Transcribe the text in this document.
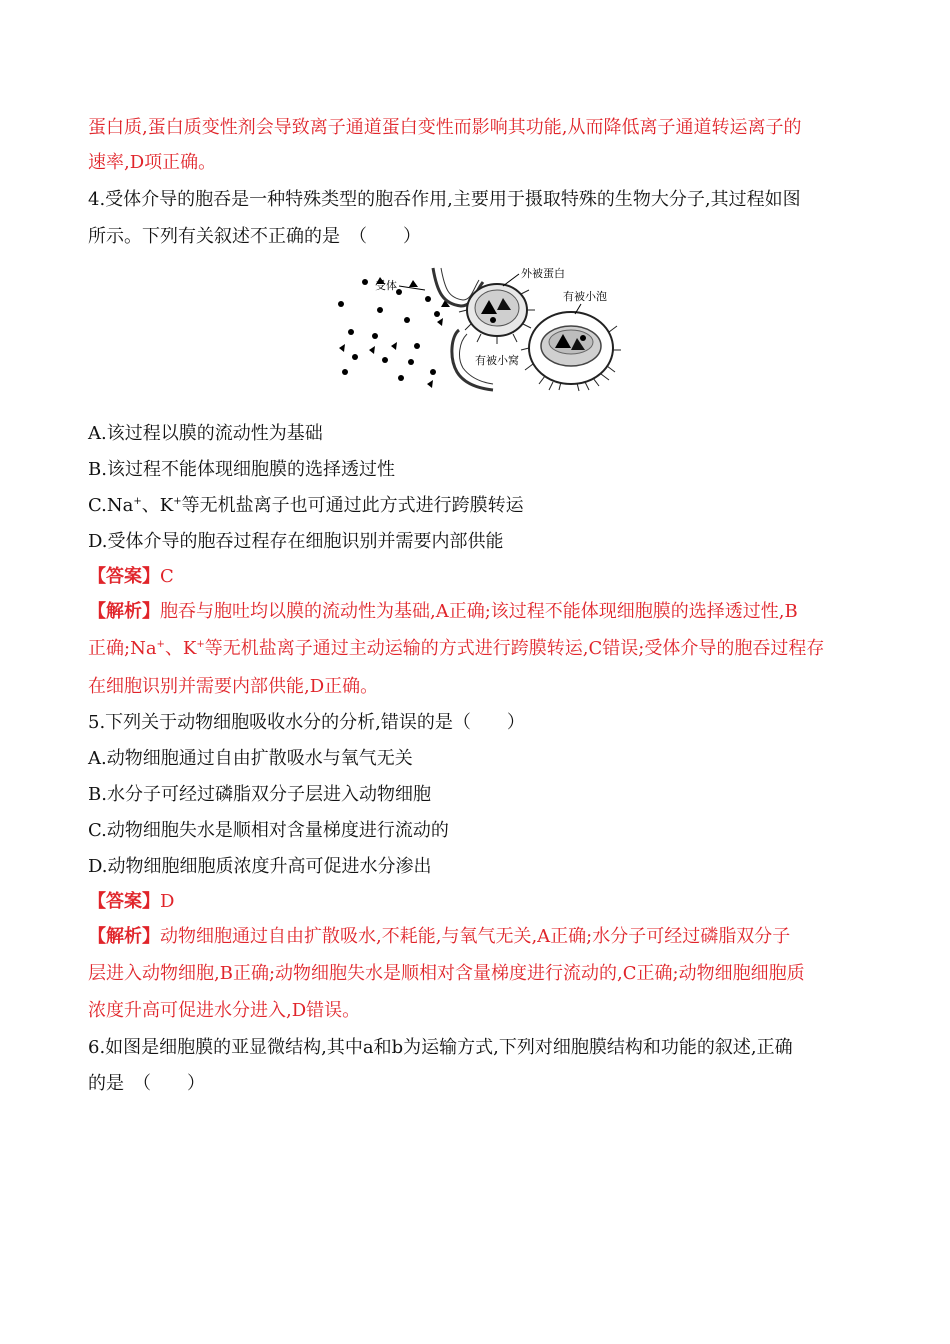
蛋白质,蛋白质变性剂会导致离子通道蛋白变性而影响其功能,从而降低离子通道转运离子的
速率,D项正确。
4.受体介导的胞吞是一种特殊类型的胞吞作用,主要用于摄取特殊的生物大分子,其过程如图
所示。下列有关叙述不正确的是　（　　）
受体
外被蛋白
有被小泡
有被小窝
A.该过程以膜的流动性为基础
B.该过程不能体现细胞膜的选择透过性
C.Na+、K+等无机盐离子也可通过此方式进行跨膜转运
D.受体介导的胞吞过程存在细胞识别并需要内部供能
【答案】C
【解析】胞吞与胞吐均以膜的流动性为基础,A正确;该过程不能体现细胞膜的选择透过性,B
正确;Na+、K+等无机盐离子通过主动运输的方式进行跨膜转运,C错误;受体介导的胞吞过程存
在细胞识别并需要内部供能,D正确。
5.下列关于动物细胞吸收水分的分析,错误的是（　　）
A.动物细胞通过自由扩散吸水与氧气无关
B.水分子可经过磷脂双分子层进入动物细胞
C.动物细胞失水是顺相对含量梯度进行流动的
D.动物细胞细胞质浓度升高可促进水分渗出
【答案】D
【解析】动物细胞通过自由扩散吸水,不耗能,与氧气无关,A正确;水分子可经过磷脂双分子
层进入动物细胞,B正确;动物细胞失水是顺相对含量梯度进行流动的,C正确;动物细胞细胞质
浓度升高可促进水分进入,D错误。
6.如图是细胞膜的亚显微结构,其中a和b为运输方式,下列对细胞膜结构和功能的叙述,正确
的是　（　　）
